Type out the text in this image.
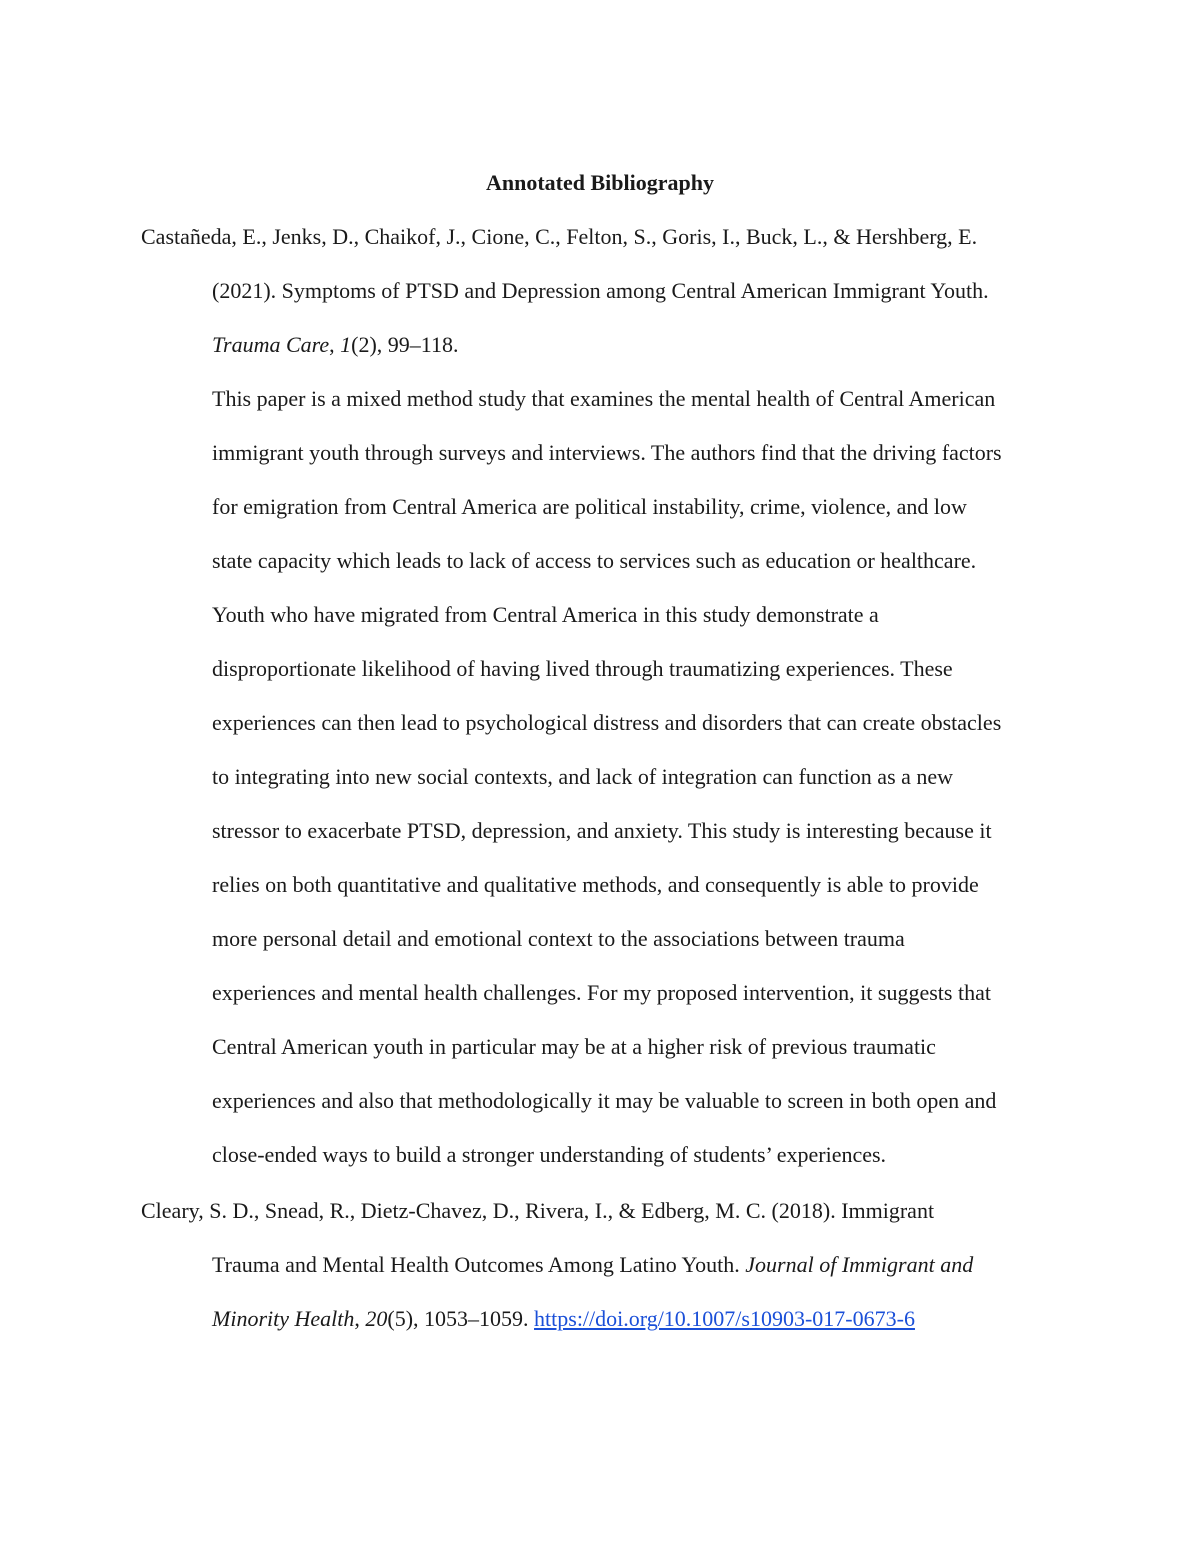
Annotated Bibliography
Castañeda, E., Jenks, D., Chaikof, J., Cione, C., Felton, S., Goris, I., Buck, L., & Hershberg, E.
(2021). Symptoms of PTSD and Depression among Central American Immigrant Youth.
Trauma Care, 1(2), 99–118.
This paper is a mixed method study that examines the mental health of Central American
immigrant youth through surveys and interviews. The authors find that the driving factors
for emigration from Central America are political instability, crime, violence, and low
state capacity which leads to lack of access to services such as education or healthcare.
Youth who have migrated from Central America in this study demonstrate a
disproportionate likelihood of having lived through traumatizing experiences. These
experiences can then lead to psychological distress and disorders that can create obstacles
to integrating into new social contexts, and lack of integration can function as a new
stressor to exacerbate PTSD, depression, and anxiety. This study is interesting because it
relies on both quantitative and qualitative methods, and consequently is able to provide
more personal detail and emotional context to the associations between trauma
experiences and mental health challenges. For my proposed intervention, it suggests that
Central American youth in particular may be at a higher risk of previous traumatic
experiences and also that methodologically it may be valuable to screen in both open and
close-ended ways to build a stronger understanding of students’ experiences.
Cleary, S. D., Snead, R., Dietz-Chavez, D., Rivera, I., & Edberg, M. C. (2018). Immigrant
Trauma and Mental Health Outcomes Among Latino Youth. Journal of Immigrant and
Minority Health, 20(5), 1053–1059. https://doi.org/10.1007/s10903-017-0673-6
